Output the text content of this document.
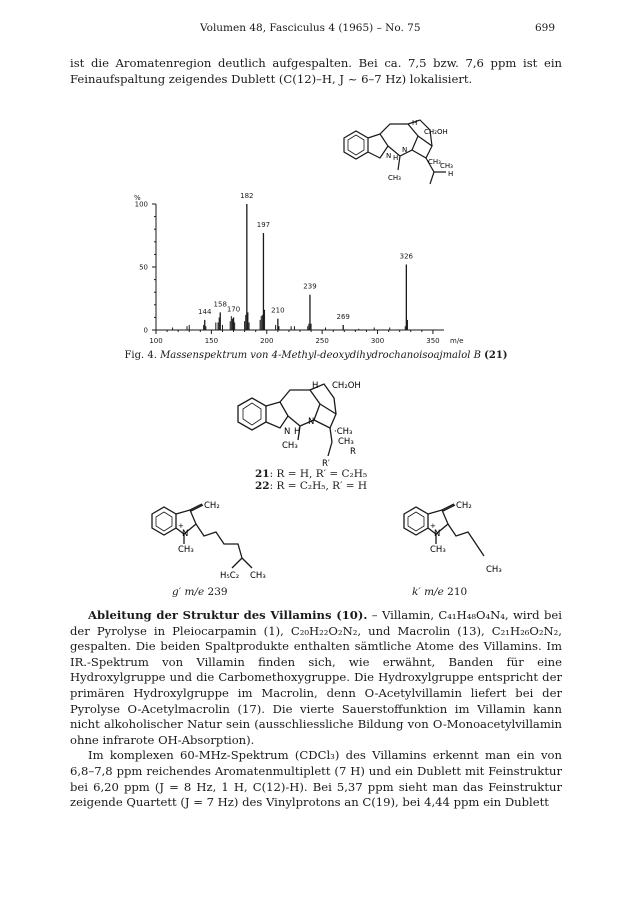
Volumen 48, Fasciculus 4 (1965) – No. 75	699
ist die Aromatenregion deutlich aufgespalten. Bei ca. 7,5 bzw. 7,6 ppm ist ein Feinaufspaltung zeigendes Dublett (C(12)–H, J ~ 6–7 Hz) lokalisiert.
H
CH₂OH
N H
N
CH₃
CH₃	H
CH₃
0
50
100
100	150	200	250	300	350
%
m/e
144
158
170
182
197
210
239
269
326
Fig. 4. Massenspektrum von 4-Methyl-deoxydihydrochanoisoajmalol B (21)
H CH₂OH
N H
N
·CH₃
CH₃	CH₃
R
R′
21: R = H, R′ = C₂H₅
22: R = C₂H₅, R′ = H
CH₂
N
+
CH₃
H₅C₂ CH₃
g′ m/e 239
CH₂
N
+
CH₃
CH₃
k′ m/e 210

Ableitung der Struktur des Villamins (10). – Villamin, C₄₁H₄₈O₄N₄, wird bei der Pyrolyse in Pleiocarpamin (1), C₂₀H₂₂O₂N₂, und Macrolin (13), C₂₁H₂₆O₂N₂, gespalten. Die beiden Spaltprodukte enthalten sämtliche Atome des Villamins. Im IR.-Spektrum von Villamin finden sich, wie erwähnt, Banden für eine Hydroxylgruppe und die Carbomethoxygruppe. Die Hydroxylgruppe entspricht der primären Hydroxylgruppe im Macrolin, denn O-Acetylvillamin liefert bei der Pyrolyse O-Acetylmacrolin (17). Die vierte Sauerstoffunktion im Villamin kann nicht alkoholischer Natur sein (ausschliessliche Bildung von O-Monoacetylvillamin ohne infrarote OH-Absorption).

Im komplexen 60-MHz-Spektrum (CDCl₃) des Villamins erkennt man ein von 6,8–7,8 ppm reichendes Aromatenmultiplett (7 H) und ein Dublett mit Feinstruktur bei 6,20 ppm (J = 8 Hz, 1 H, C(12)-H). Bei 5,37 ppm sieht man das Feinstruktur zeigende Quartett (J = 7 Hz) des Vinylprotons an C(19), bei 4,44 ppm ein Dublett
